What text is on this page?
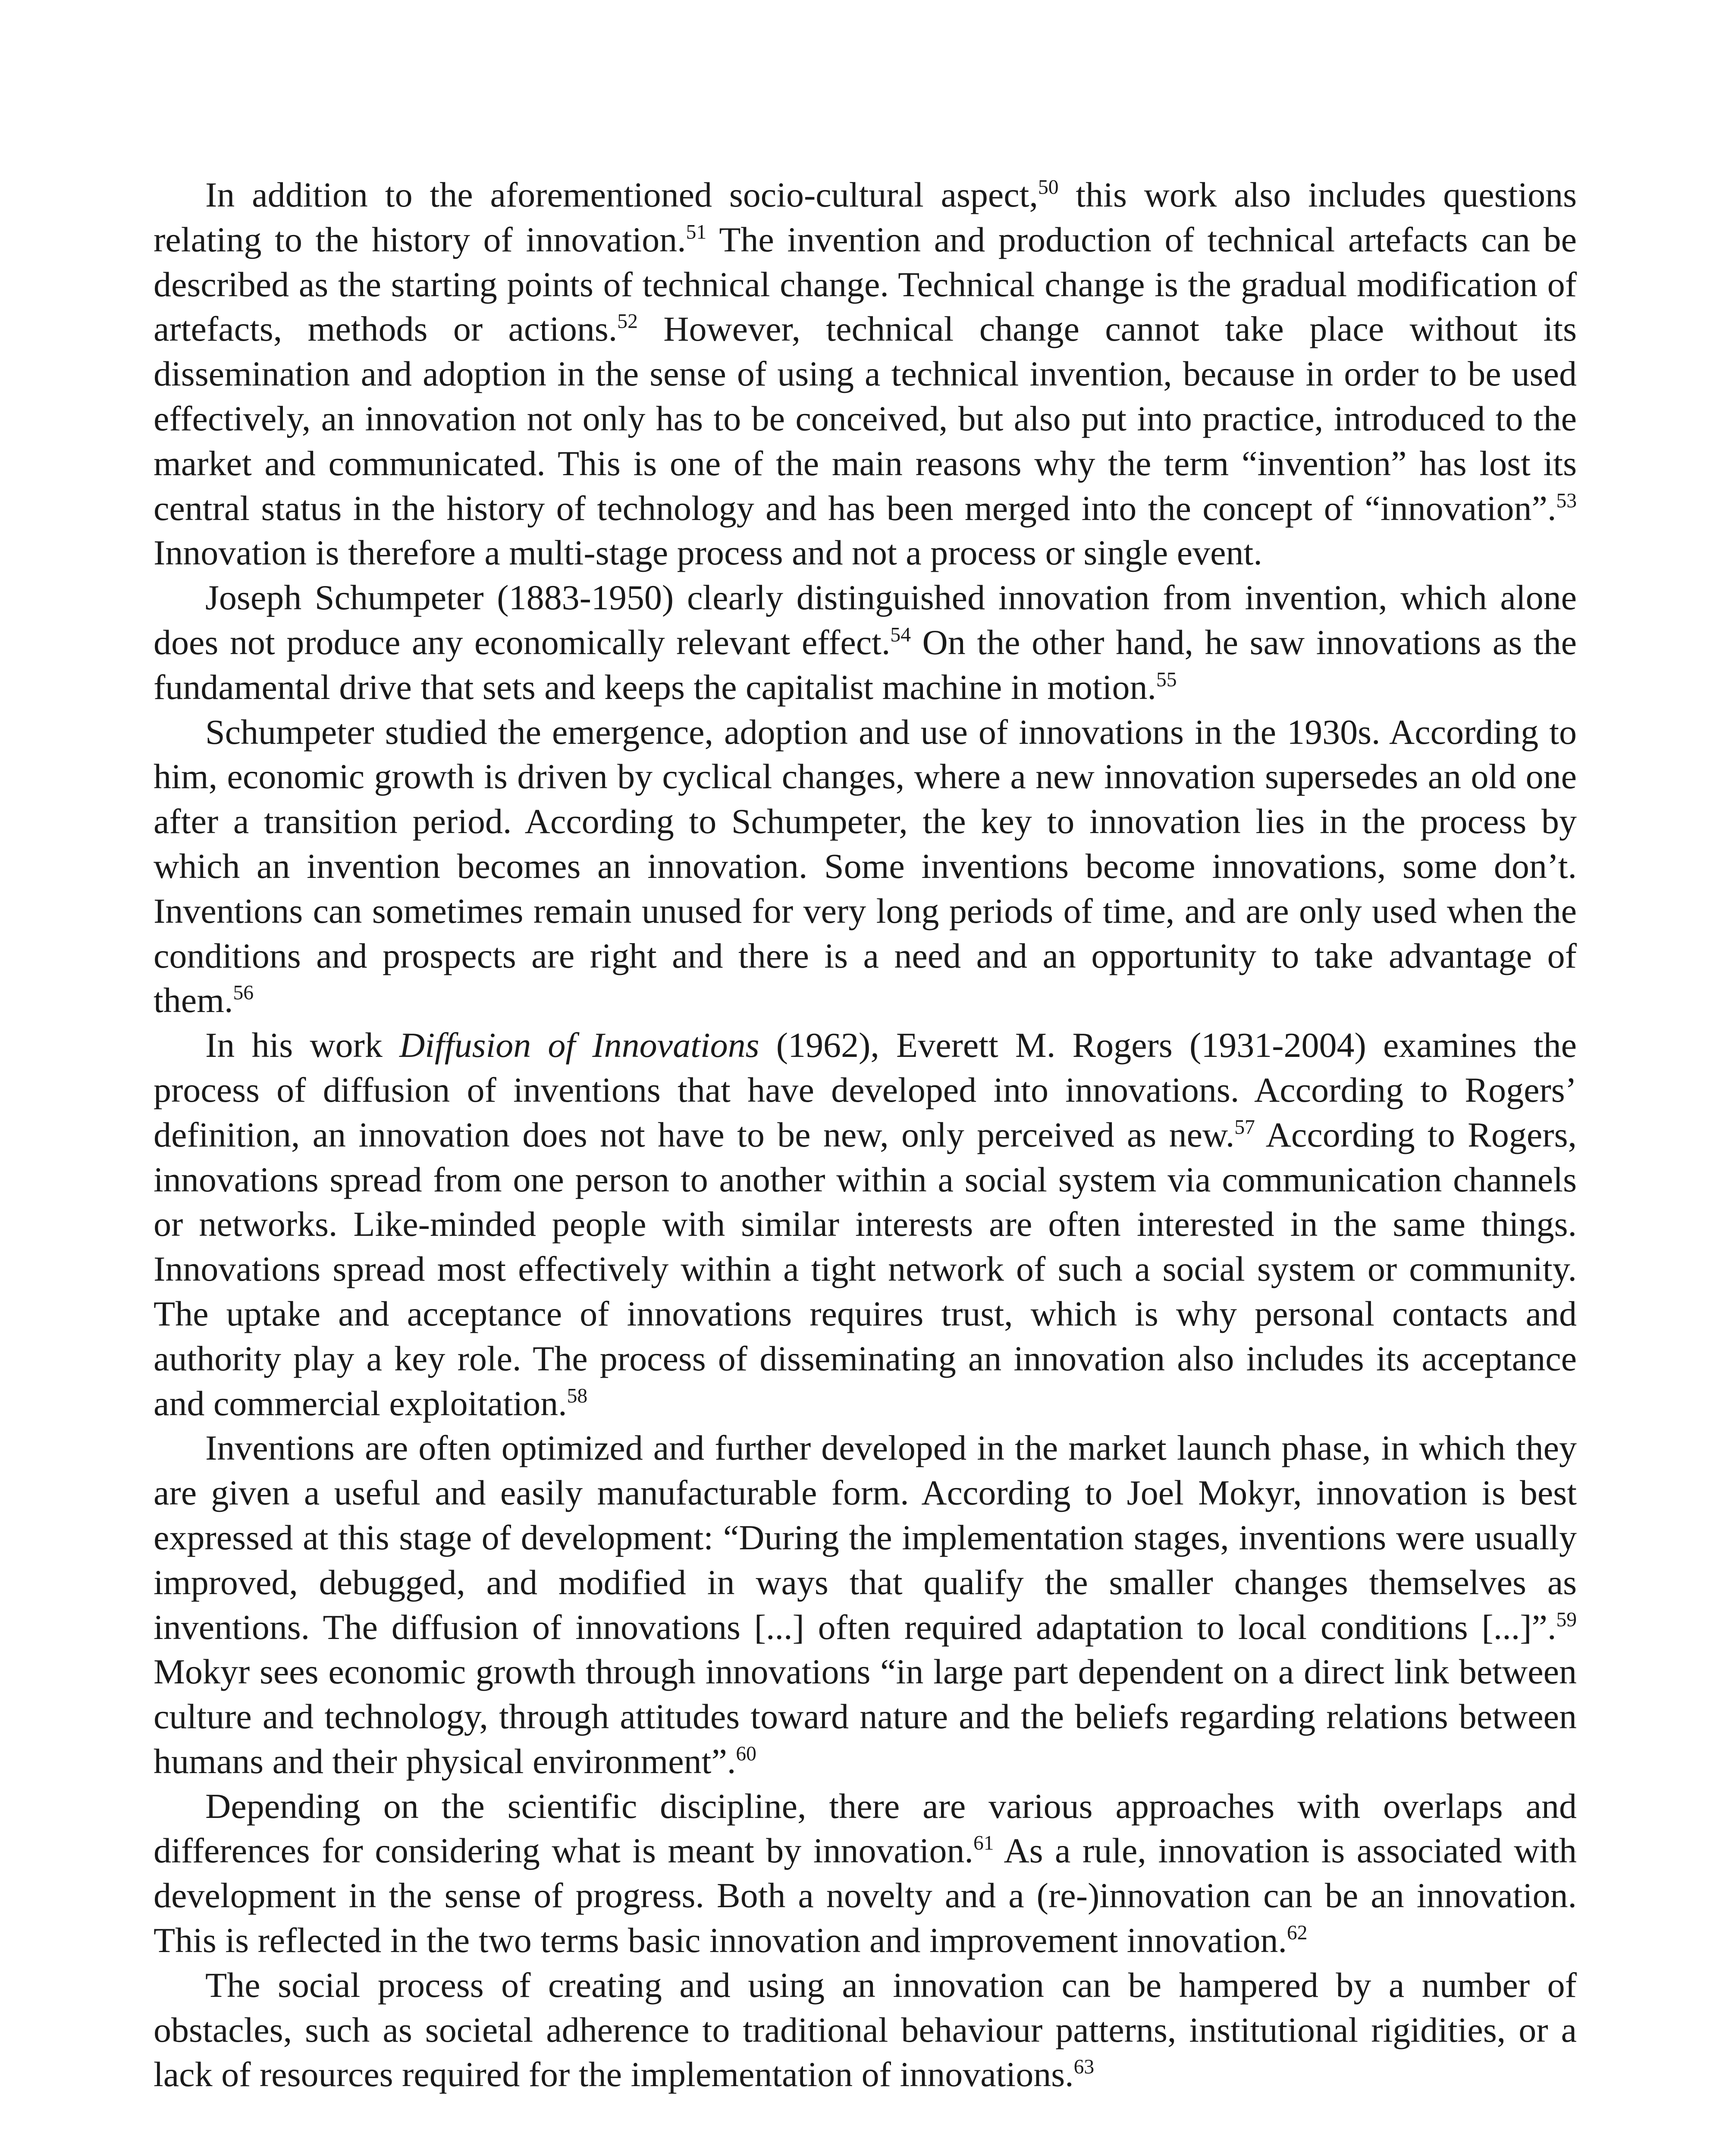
In addition to the aforementioned socio-cultural aspect,$^{50}$ this work also includes questions relating to the history of innovation.$^{51}$ The invention and production of technical artefacts can be described as the starting points of technical change. Technical change is the gradual modification of artefacts, methods or actions.$^{52}$ However, technical change cannot take place without its dissemination and adoption in the sense of using a technical invention, because in order to be used effectively, an innovation not only has to be conceived, but also put into practice, introduced to the market and communicated. This is one of the main reasons why the term “invention” has lost its central status in the history of technology and has been merged into the concept of “innovation”.$^{53}$ Innovation is therefore a multi-stage process and not a process or single event.

Joseph Schumpeter (1883-1950) clearly distinguished innovation from invention, which alone does not produce any economically relevant effect.$^{54}$ On the other hand, he saw innovations as the fundamental drive that sets and keeps the capitalist machine in motion.$^{55}$

Schumpeter studied the emergence, adoption and use of innovations in the 1930s. According to him, economic growth is driven by cyclical changes, where a new innovation supersedes an old one after a transition period. According to Schumpeter, the key to innovation lies in the process by which an invention becomes an innovation. Some inventions become innovations, some don’t. Inventions can sometimes remain unused for very long periods of time, and are only used when the conditions and prospects are right and there is a need and an opportunity to take advantage of them.$^{56}$

In his work Diffusion of Innovations (1962), Everett M. Rogers (1931-2004) examines the process of diffusion of inventions that have developed into innovations. According to Rogers’ definition, an innovation does not have to be new, only perceived as new.$^{57}$ According to Rogers, innovations spread from one person to another within a social system via communication channels or networks. Like-minded people with similar interests are often interested in the same things. Innovations spread most effectively within a tight network of such a social system or community. The uptake and acceptance of innovations requires trust, which is why personal contacts and authority play a key role. The process of disseminating an innovation also includes its acceptance and commercial exploitation.$^{58}$

Inventions are often optimized and further developed in the market launch phase, in which they are given a useful and easily manufacturable form. According to Joel Mokyr, innovation is best expressed at this stage of development: “During the implementation stages, inventions were usually improved, debugged, and modified in ways that qualify the smaller changes themselves as inventions. The diffusion of innovations [...] often required adaptation to local conditions [...]”.$^{59}$ Mokyr sees economic growth through innovations “in large part dependent on a direct link between culture and technology, through attitudes toward nature and the beliefs regarding relations between humans and their physical environment”.$^{60}$

Depending on the scientific discipline, there are various approaches with overlaps and differences for considering what is meant by innovation.$^{61}$ As a rule, innovation is associated with development in the sense of progress. Both a novelty and a (re-)innovation can be an innovation. This is reflected in the two terms basic innovation and improvement innovation.$^{62}$

The social process of creating and using an innovation can be hampered by a number of obstacles, such as societal adherence to traditional behaviour patterns, institutional rigidities, or a lack of resources required for the implementation of innovations.$^{63}$
